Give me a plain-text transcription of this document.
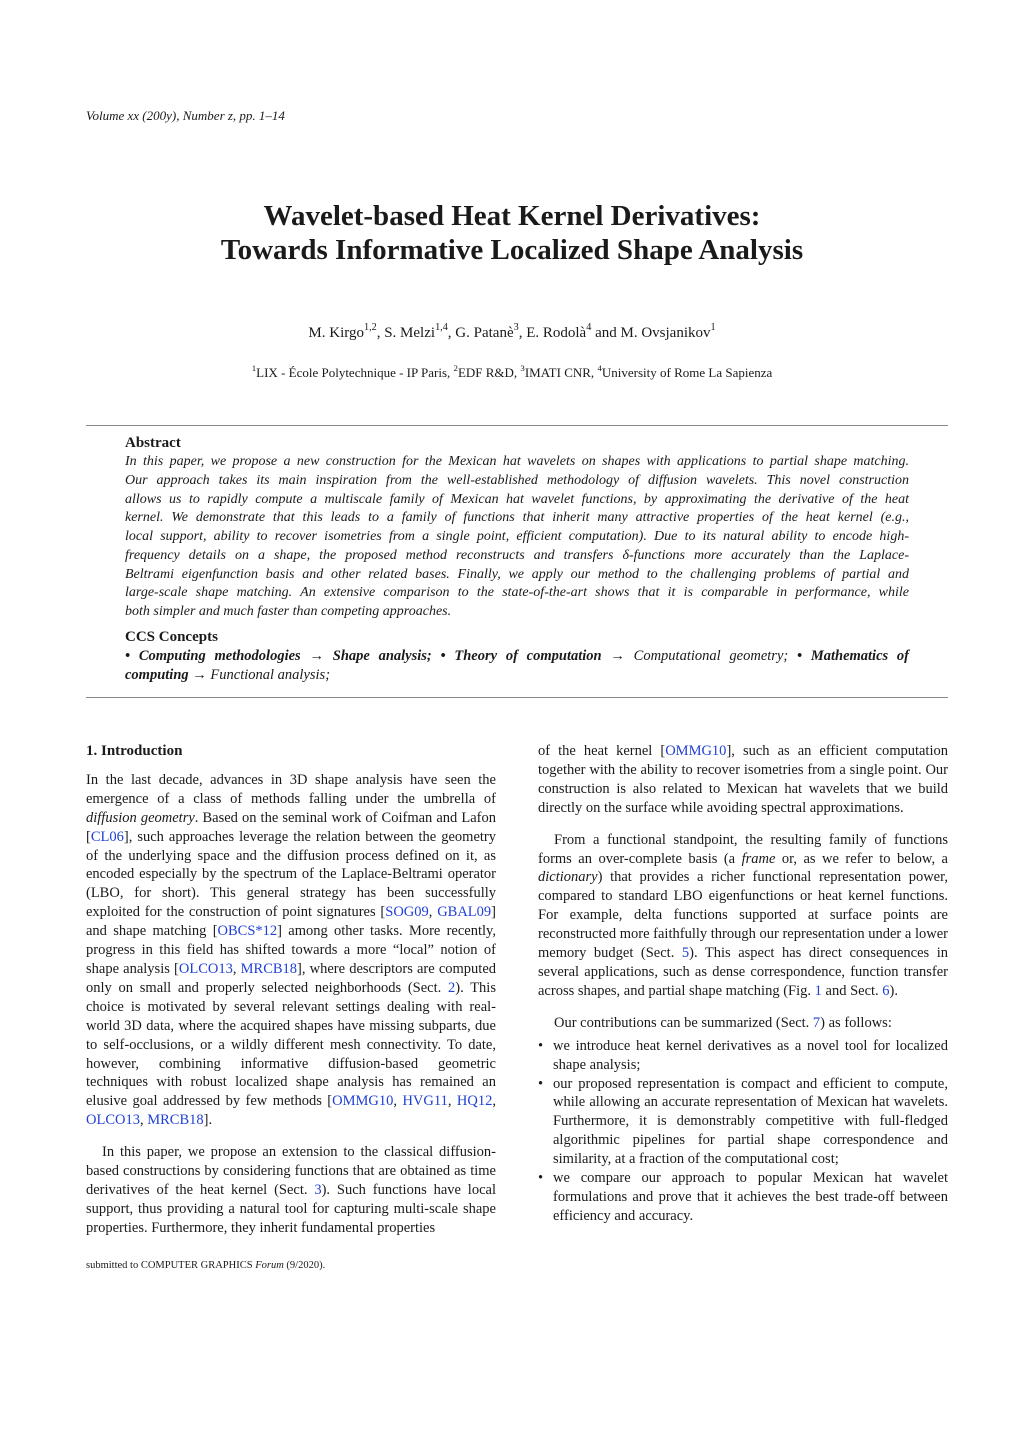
Volume xx (200y), Number z, pp. 1–14
Wavelet-based Heat Kernel Derivatives:
Towards Informative Localized Shape Analysis
M. Kirgo$^{1,2}$, S. Melzi$^{1,4}$, G. Patanè$^3$, E. Rodolà$^4$ and M. Ovsjanikov$^1$
$^1$LIX - École Polytechnique - IP Paris, $^2$EDF R&D, $^3$IMATI CNR, $^4$University of Rome La Sapienza
Abstract
In this paper, we propose a new construction for the Mexican hat wavelets on shapes with applications to partial shape matching.
Our approach takes its main inspiration from the well-established methodology of diffusion wavelets. This novel construction
allows us to rapidly compute a multiscale family of Mexican hat wavelet functions, by approximating the derivative of the heat
kernel. We demonstrate that this leads to a family of functions that inherit many attractive properties of the heat kernel (e.g.,
local support, ability to recover isometries from a single point, efficient computation). Due to its natural ability to encode high-
frequency details on a shape, the proposed method reconstructs and transfers δ-functions more accurately than the Laplace-
Beltrami eigenfunction basis and other related bases. Finally, we apply our method to the challenging problems of partial and
large-scale shape matching. An extensive comparison to the state-of-the-art shows that it is comparable in performance, while
both simpler and much faster than competing approaches.
CCS Concepts
• Computing methodologies → Shape analysis; • Theory of computation → Computational geometry; • Mathematics of
computing → Functional analysis;
1. Introduction

In the last decade, advances in 3D shape analysis have seen the emergence of a class of methods falling under the umbrella of diffusion geometry. Based on the seminal work of Coifman and Lafon [CL06], such approaches leverage the relation between the geometry of the underlying space and the diffusion process defined on it, as encoded especially by the spectrum of the Laplace-Beltrami operator (LBO, for short). This general strategy has been successfully exploited for the construction of point signatures [SOG09, GBAL09] and shape matching [OBCS*12] among other tasks. More recently, progress in this field has shifted towards a more “local” notion of shape analysis [OLCO13, MRCB18], where descriptors are computed only on small and properly selected neighborhoods (Sect. 2). This choice is motivated by several relevant settings dealing with real-world 3D data, where the acquired shapes have missing subparts, due to self-occlusions, or a wildly different mesh connectivity. To date, however, combining informative diffusion-based geometric techniques with robust localized shape analysis has remained an elusive goal addressed by few methods [OMMG10, HVG11, HQ12, OLCO13, MRCB18].

In this paper, we propose an extension to the classical diffusion-based constructions by considering functions that are obtained as time derivatives of the heat kernel (Sect. 3). Such functions have local support, thus providing a natural tool for capturing multi-scale shape properties. Furthermore, they inherit fundamental properties

of the heat kernel [OMMG10], such as an efficient computation together with the ability to recover isometries from a single point. Our construction is also related to Mexican hat wavelets that we build directly on the surface while avoiding spectral approximations.

From a functional standpoint, the resulting family of functions forms an over-complete basis (a frame or, as we refer to below, a dictionary) that provides a richer functional representation power, compared to standard LBO eigenfunctions or heat kernel functions. For example, delta functions supported at surface points are reconstructed more faithfully through our representation under a lower memory budget (Sect. 5). This aspect has direct consequences in several applications, such as dense correspondence, function transfer across shapes, and partial shape matching (Fig. 1 and Sect. 6).

Our contributions can be summarized (Sect. 7) as follows:

• we introduce heat kernel derivatives as a novel tool for localized shape analysis;
• our proposed representation is compact and efficient to compute, while allowing an accurate representation of Mexican hat wavelets. Furthermore, it is demonstrably competitive with full-fledged algorithmic pipelines for partial shape correspondence and similarity, at a fraction of the computational cost;
• we compare our approach to popular Mexican hat wavelet formulations and prove that it achieves the best trade-off between efficiency and accuracy.
submitted to COMPUTER GRAPHICS Forum (9/2020).
